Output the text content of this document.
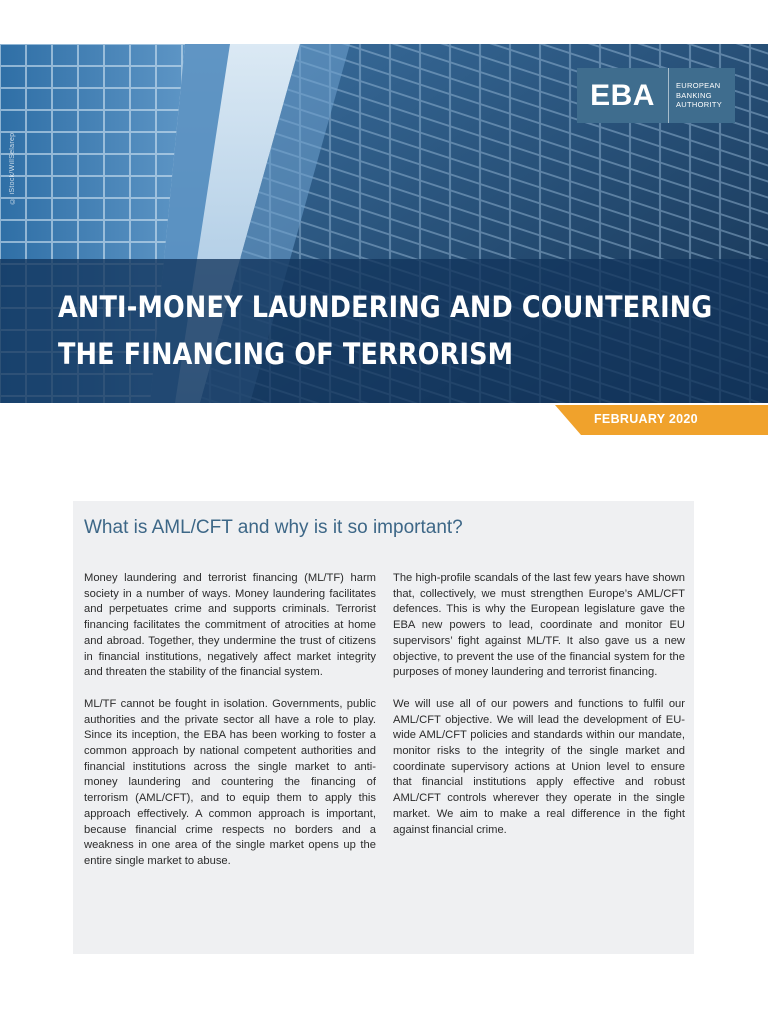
© iStock/WillSelarep
EBA	EUROPEAN
BANKING
AUTHORITY
ANTI-MONEY LAUNDERING AND COUNTERING
THE FINANCING OF TERRORISM
FEBRUARY 2020
What is AML/CFT and why is it so important?

Money laundering and terrorist financing (ML/TF) harm society in a number of ways. Money laundering facilitates and perpetuates crime and supports criminals. Terrorist financing facilitates the commitment of atrocities at home and abroad. Together, they undermine the trust of citizens in financial institutions, negatively affect market integrity and threaten the stability of the financial system.

ML/TF cannot be fought in isolation. Governments, public authorities and the private sector all have a role to play. Since its inception, the EBA has been working to foster a common approach by national competent authorities and financial institutions across the single market to anti-money laundering and countering the financing of terrorism (AML/CFT), and to equip them to apply this approach effectively. A common approach is important, because financial crime respects no borders and a weakness in one area of the single market opens up the entire single market to abuse.

The high-profile scandals of the last few years have shown that, collectively, we must strengthen Europe’s AML/CFT defences. This is why the European legislature gave the EBA new powers to lead, coordinate and monitor EU supervisors’ fight against ML/TF. It also gave us a new objective, to prevent the use of the financial system for the purposes of money laundering and terrorist financing.

We will use all of our powers and functions to fulfil our AML/CFT objective. We will lead the development of EU-wide AML/CFT policies and standards within our mandate, monitor risks to the integrity of the single market and coordinate supervisory actions at Union level to ensure that financial institutions apply effective and robust AML/CFT controls wherever they operate in the single market. We aim to make a real difference in the fight against financial crime.
